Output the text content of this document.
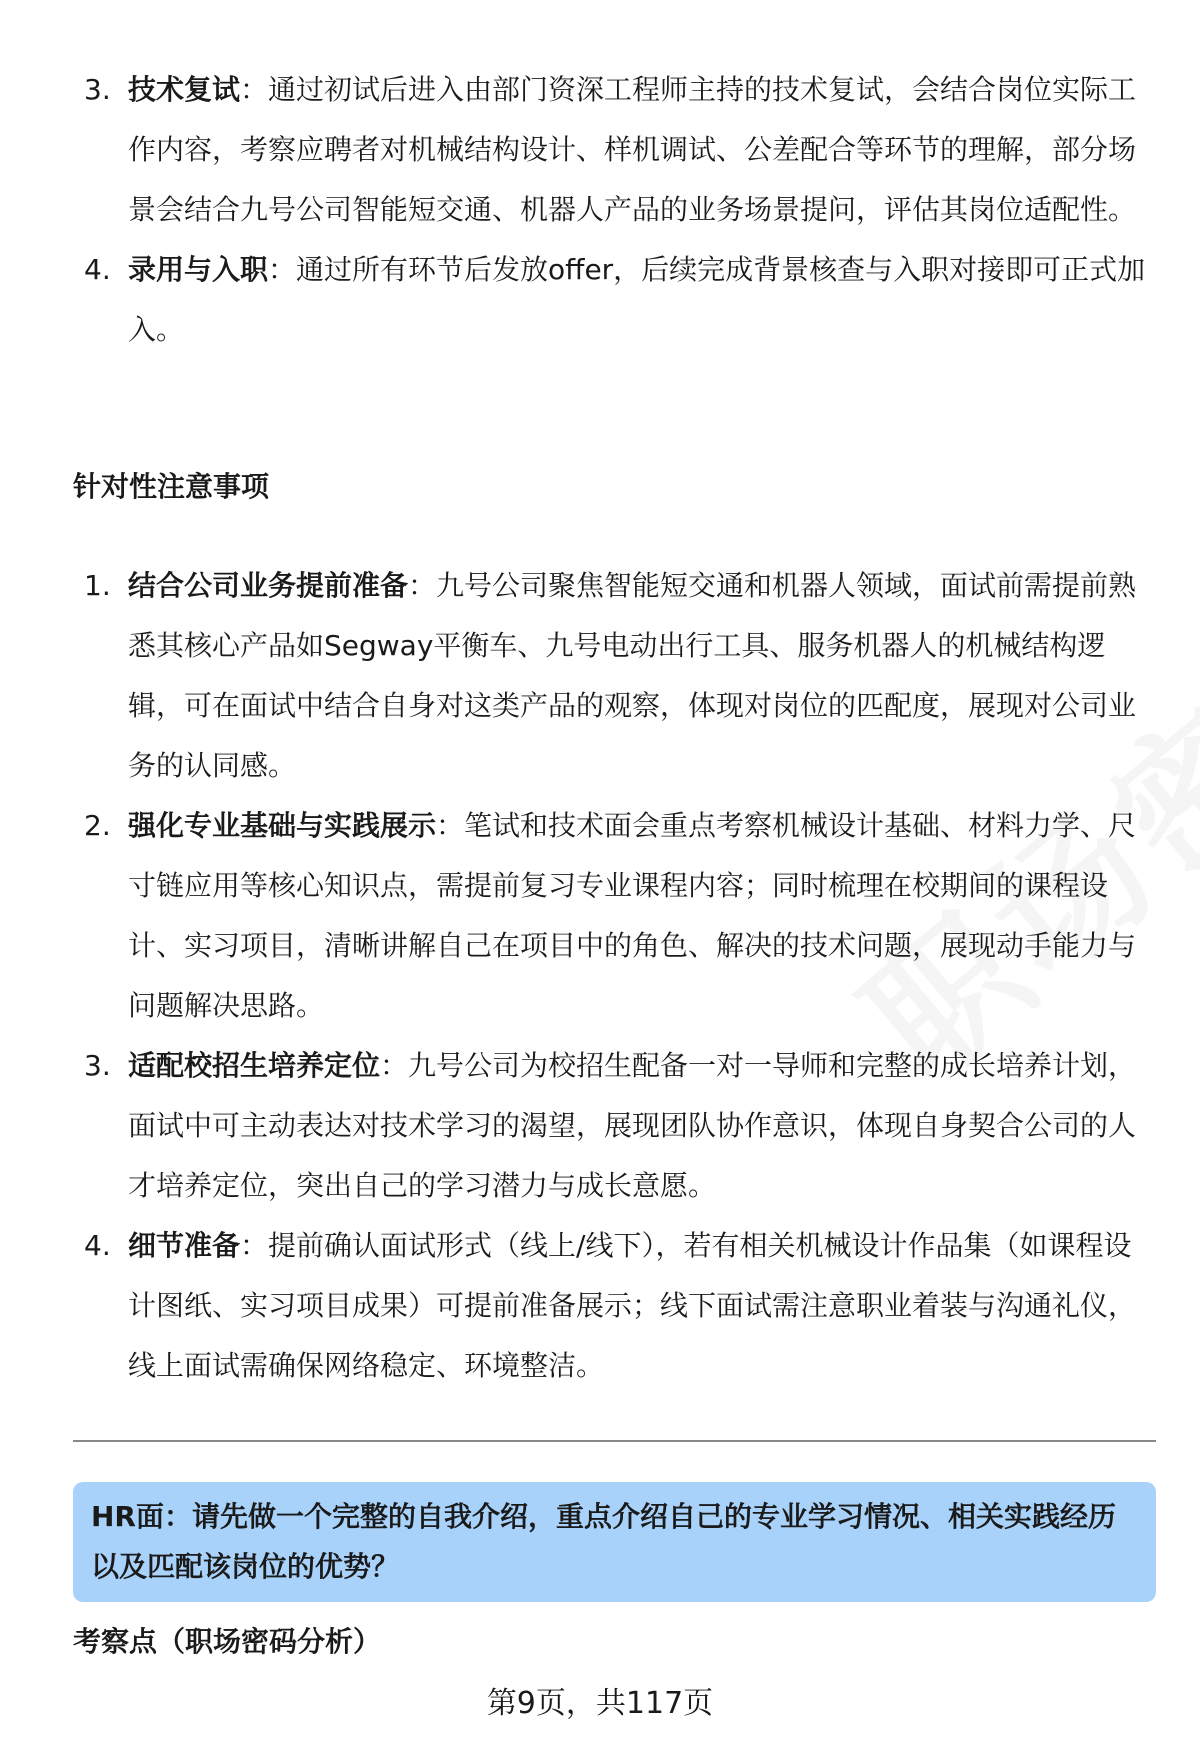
3. 技术复试：通过初试后进入由部门资深工程师主持的技术复试，会结合岗位实际工作内容，考察应聘者对机械结构设计、样机调试、公差配合等环节的理解，部分场景会结合九号公司智能短交通、机器人产品的业务场景提问，评估其岗位适配性。
4. 录用与入职：通过所有环节后发放offer，后续完成背景核查与入职对接即可正式加入。
针对性注意事项
1. 结合公司业务提前准备：九号公司聚焦智能短交通和机器人领域，面试前需提前熟悉其核心产品如Segway平衡车、九号电动出行工具、服务机器人的机械结构逻辑，可在面试中结合自身对这类产品的观察，体现对岗位的匹配度，展现对公司业务的认同感。
2. 强化专业基础与实践展示：笔试和技术面会重点考察机械设计基础、材料力学、尺寸链应用等核心知识点，需提前复习专业课程内容；同时梳理在校期间的课程设计、实习项目，清晰讲解自己在项目中的角色、解决的技术问题，展现动手能力与问题解决思路。
3. 适配校招生培养定位：九号公司为校招生配备一对一导师和完整的成长培养计划，面试中可主动表达对技术学习的渴望，展现团队协作意识，体现自身契合公司的人才培养定位，突出自己的学习潜力与成长意愿。
4. 细节准备：提前确认面试形式（线上/线下），若有相关机械设计作品集（如课程设计图纸、实习项目成果）可提前准备展示；线下面试需注意职业着装与沟通礼仪，线上面试需确保网络稳定、环境整洁。
HR面：请先做一个完整的自我介绍，重点介绍自己的专业学习情况、相关实践经历以及匹配该岗位的优势？
考察点（职场密码分析）
第9页，共117页
